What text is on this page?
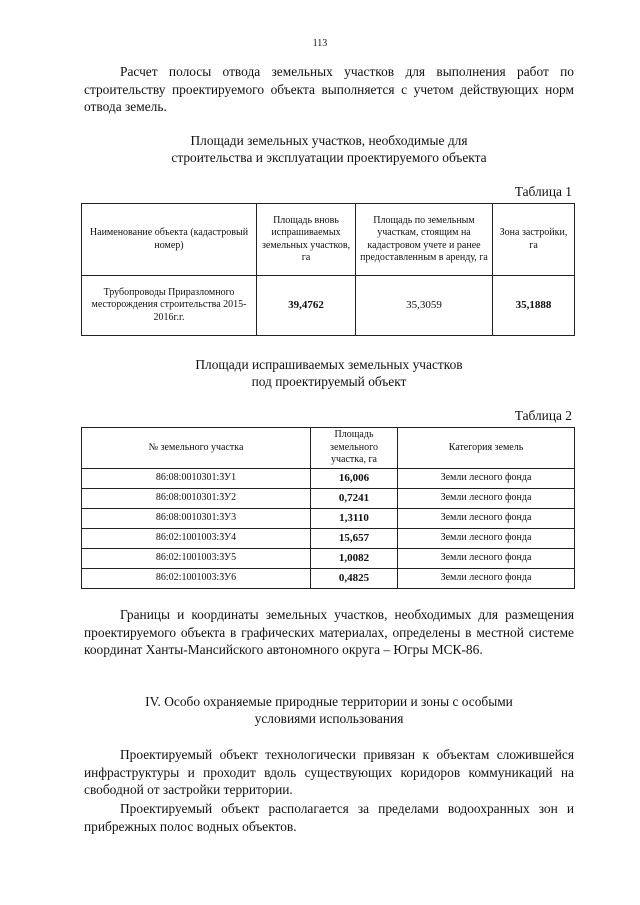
113
Расчет полосы отвода земельных участков для выполнения работ по строительству проектируемого объекта выполняется с учетом действующих норм отвода земель.
Площади земельных участков, необходимые для
строительства и эксплуатации проектируемого объекта
Таблица 1
Наименование объекта (кадастровый номер)	Площадь вновь испрашиваемых земельных участков, га	Площадь по земельным участкам, стоящим на кадастровом учете и ранее предоставленным в аренду, га	Зона застройки, га
Трубопроводы Приразломного месторождения строительства 2015-2016г.г.	39,4762	35,3059	35,1888
Площади испрашиваемых земельных участков
под проектируемый объект
Таблица 2
№ земельного участка	Площадь земельного участка, га	Категория земель
86:08:0010301:ЗУ1	16,006	Земли лесного фонда
86:08:0010301:ЗУ2	0,7241	Земли лесного фонда
86:08:0010301:ЗУ3	1,3110	Земли лесного фонда
86:02:1001003:ЗУ4	15,657	Земли лесного фонда
86:02:1001003:ЗУ5	1,0082	Земли лесного фонда
86:02:1001003:ЗУ6	0,4825	Земли лесного фонда
Границы и координаты земельных участков, необходимых для размещения проектируемого объекта в графических материалах, определены в местной системе координат Ханты-Мансийского автономного округа – Югры МСК-86.
IV. Особо охраняемые природные территории и зоны с особыми
условиями использования
Проектируемый объект технологически привязан к объектам сложившейся инфраструктуры и проходит вдоль существующих коридоров коммуникаций на свободной от застройки территории.
Проектируемый объект располагается за пределами водоохранных зон и прибрежных полос водных объектов.
